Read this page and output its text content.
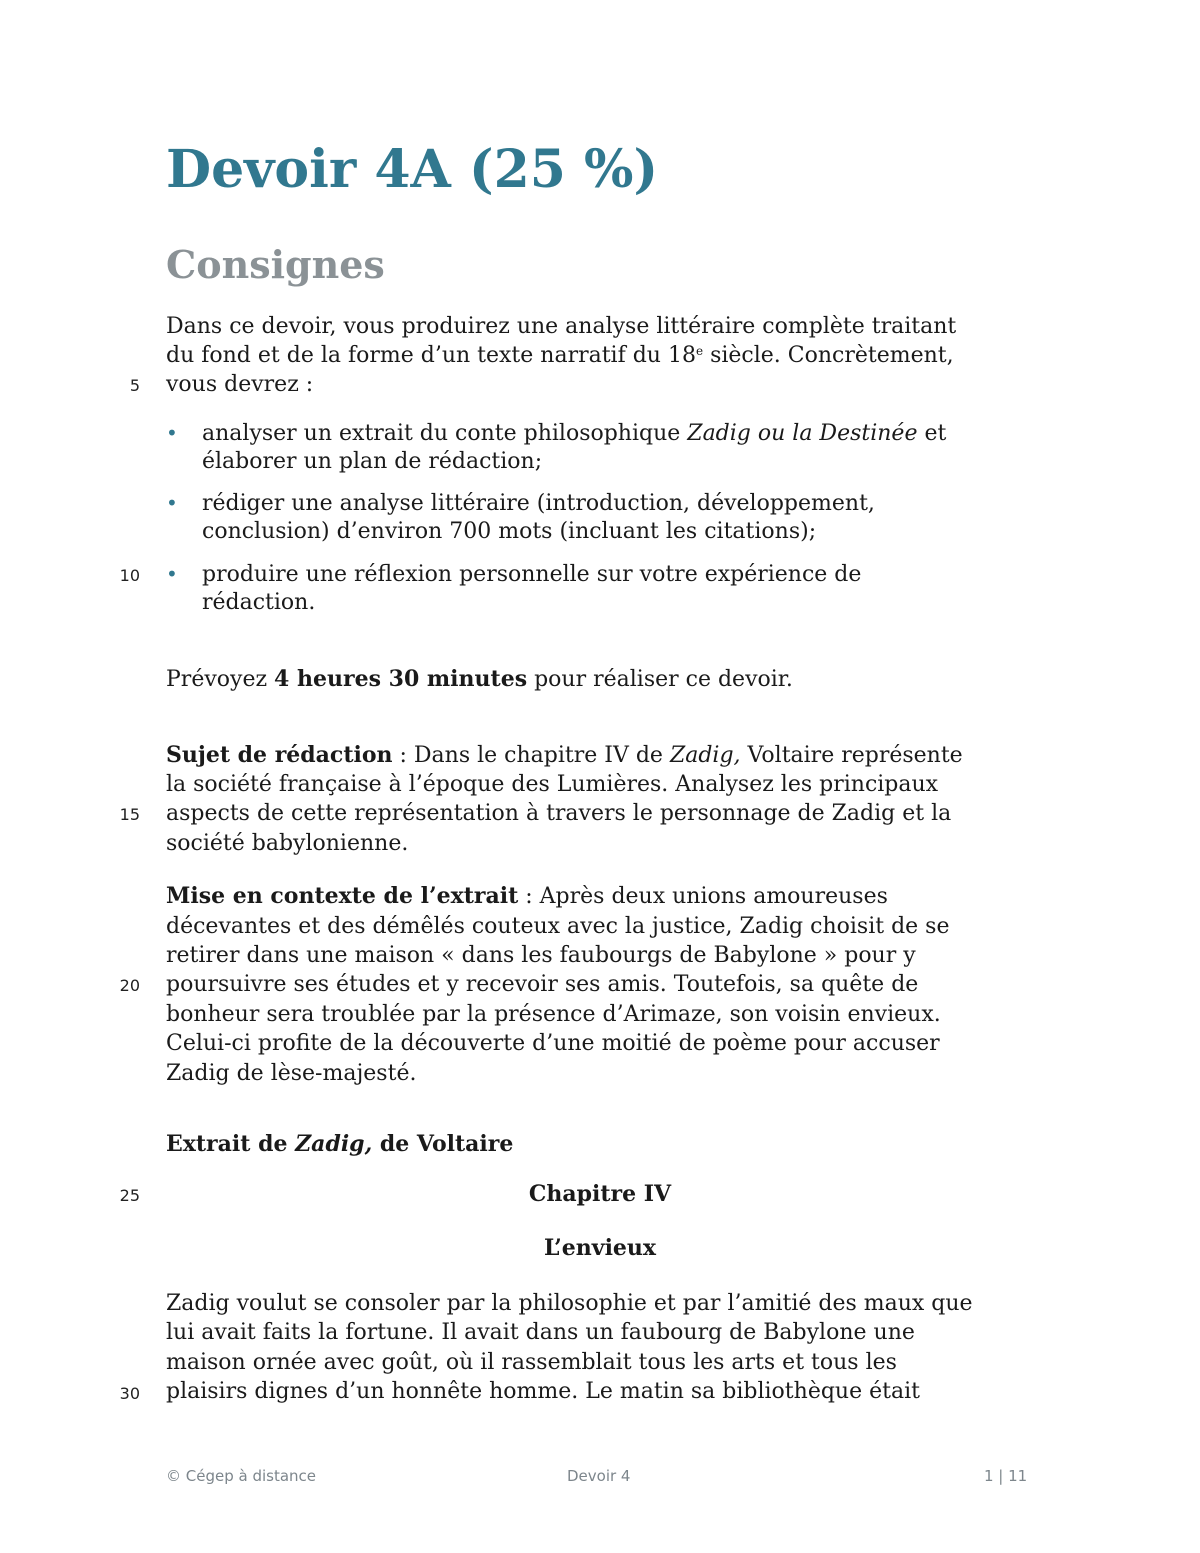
Devoir 4A (25 %)
Consignes
Dans ce devoir, vous produirez une analyse littéraire complète traitant
du fond et de la forme d’un texte narratif du 18e siècle. Concrètement,
vous devrez :
• analyser un extrait du conte philosophique Zadig ou la Destinée et
élaborer un plan de rédaction;
• rédiger une analyse littéraire (introduction, développement,
conclusion) d’environ 700 mots (incluant les citations);
• produire une réflexion personnelle sur votre expérience de
rédaction.
Prévoyez 4 heures 30 minutes pour réaliser ce devoir.
Sujet de rédaction : Dans le chapitre IV de Zadig, Voltaire représente
la société française à l’époque des Lumières. Analysez les principaux
aspects de cette représentation à travers le personnage de Zadig et la
société babylonienne.
Mise en contexte de l’extrait : Après deux unions amoureuses
décevantes et des démêlés couteux avec la justice, Zadig choisit de se
retirer dans une maison « dans les faubourgs de Babylone » pour y
poursuivre ses études et y recevoir ses amis. Toutefois, sa quête de
bonheur sera troublée par la présence d’Arimaze, son voisin envieux.
Celui-ci profite de la découverte d’une moitié de poème pour accuser
Zadig de lèse-majesté.
Extrait de Zadig, de Voltaire
Chapitre IV
L’envieux
Zadig voulut se consoler par la philosophie et par l’amitié des maux que
lui avait faits la fortune. Il avait dans un faubourg de Babylone une
maison ornée avec goût, où il rassemblait tous les arts et tous les
plaisirs dignes d’un honnête homme. Le matin sa bibliothèque était
5
10
15
20
25
30
© Cégep à distance	Devoir 4	1 | 11
